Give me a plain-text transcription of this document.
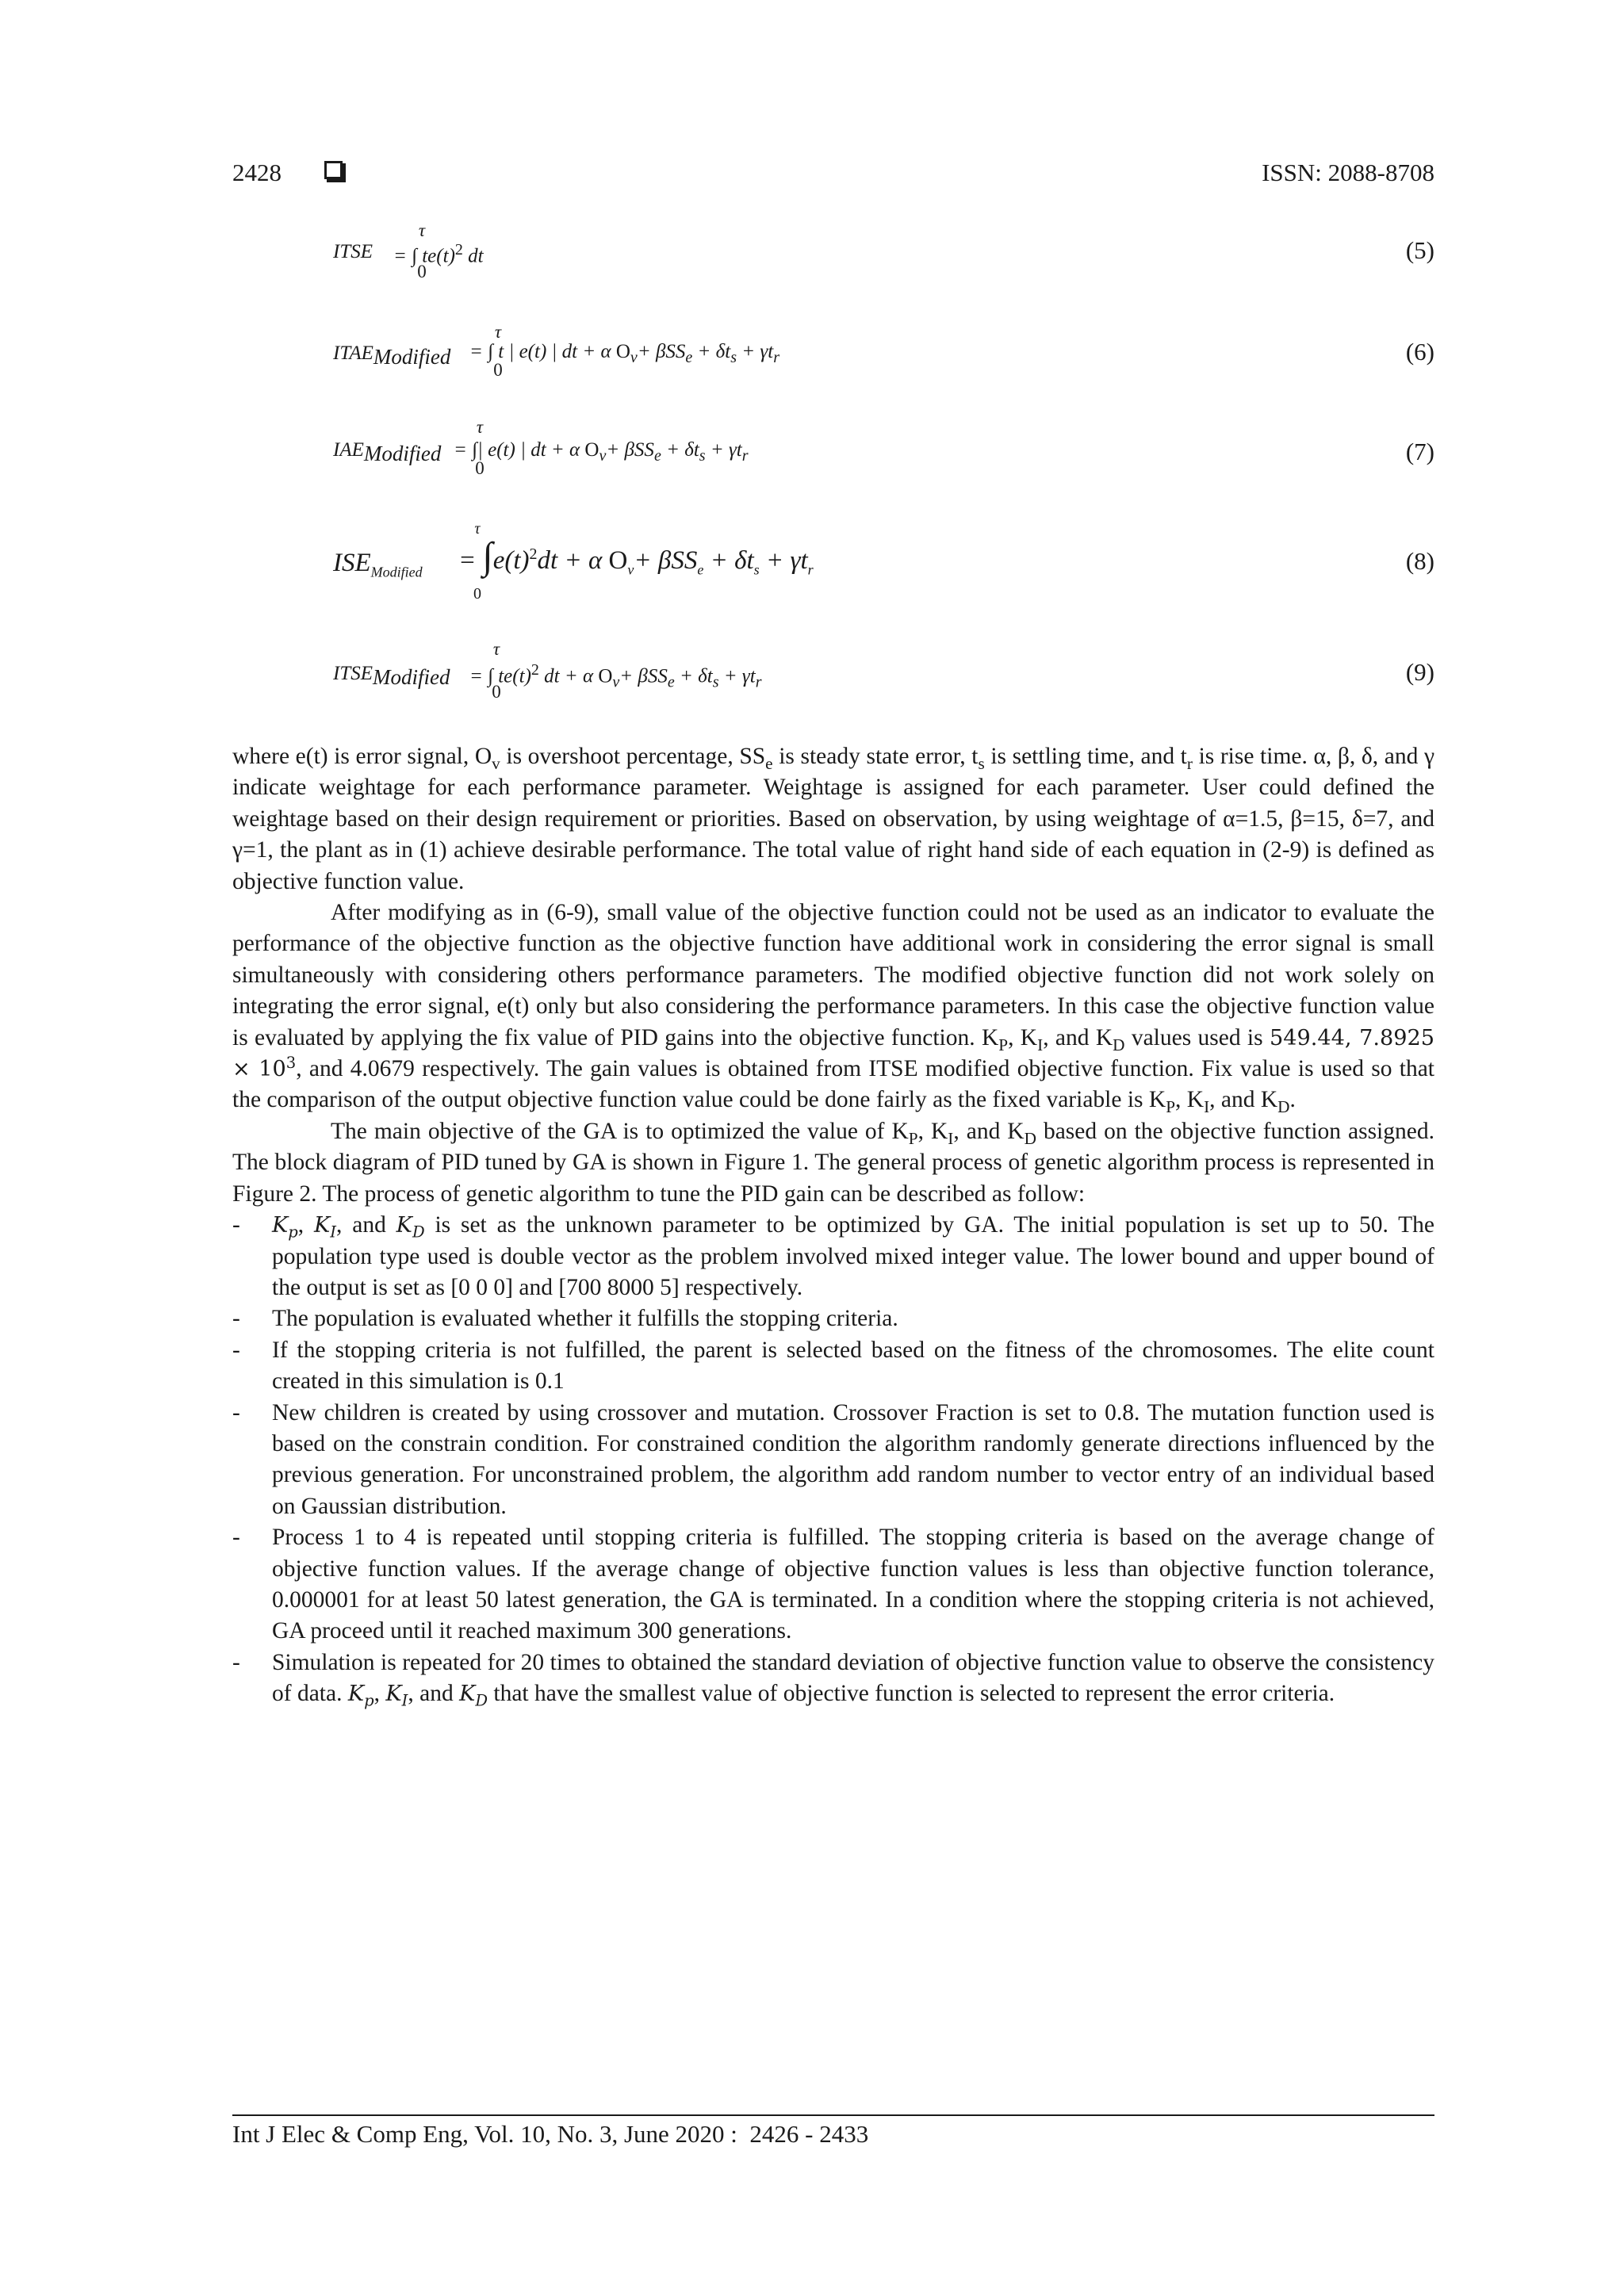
2428	ISSN: 2088-8708
τ
ITSE = ∫ $te(t)^2$ dt
0
(5)
τ
$ITAE_{Modified}$ = ∫ t | e(t) | dt + α $O_v+ \beta SS_e + \delta t_s + \gamma t_r$
0
(6)
τ
$IAE_{Modified}$ = ∫| e(t) | dt + α $O_v+ \beta SS_e + \delta t_s + \gamma t_r$
0
(7)
τ
$ISE_{Modified} = \int e(t)^2dt + \alpha$ $O_v+ \beta SS_e + \delta t_s + \gamma t_r$
0
(8)
τ
$ITSE_{Modified}$ = ∫ $te(t)^2$ dt + α $O_v+ \beta SS_e + \delta t_s + \gamma t_r$
0
(9)

where e(t) is error signal, $O_v$ is overshoot percentage, $SS_e$ is steady state error, $t_s$ is settling time, and $t_r$ is rise time. α, β, δ, and γ indicate weightage for each performance parameter. Weightage is assigned for each parameter. User could defined the weightage based on their design requirement or priorities. Based on observation, by using weightage of α=1.5, β=15, δ=7, and γ=1, the plant as in (1) achieve desirable performance. The total value of right hand side of each equation in (2-9) is defined as objective function value.

After modifying as in (6-9), small value of the objective function could not be used as an indicator to evaluate the performance of the objective function as the objective function have additional work in considering the error signal is small simultaneously with considering others performance parameters. The modified objective function did not work solely on integrating the error signal, e(t) only but also considering the performance parameters. In this case the objective function value is evaluated by applying the fix value of PID gains into the objective function. $K_P$, $K_I$, and $K_D$ values used is 549.44, $7.8925 \times 10^3$, and 4.0679 respectively. The gain values is obtained from ITSE modified objective function. Fix value is used so that the comparison of the output objective function value could be done fairly as the fixed variable is $K_P$, $K_I$, and $K_D$.

The main objective of the GA is to optimized the value of $K_P$, $K_I$, and $K_D$ based on the objective function assigned. The block diagram of PID tuned by GA is shown in Figure 1. The general process of genetic algorithm process is represented in Figure 2. The process of genetic algorithm to tune the PID gain can be described as follow:

- $K_p$, $K_I$, and $K_D$ is set as the unknown parameter to be optimized by GA. The initial population is set up to 50. The population type used is double vector as the problem involved mixed integer value. The lower bound and upper bound of the output is set as [0 0 0] and [700 8000 5] respectively.
- The population is evaluated whether it fulfills the stopping criteria.
- If the stopping criteria is not fulfilled, the parent is selected based on the fitness of the chromosomes. The elite count created in this simulation is 0.1
- New children is created by using crossover and mutation. Crossover Fraction is set to 0.8. The mutation function used is based on the constrain condition. For constrained condition the algorithm randomly generate directions influenced by the previous generation. For unconstrained problem, the algorithm add random number to vector entry of an individual based on Gaussian distribution.
- Process 1 to 4 is repeated until stopping criteria is fulfilled. The stopping criteria is based on the average change of objective function values. If the average change of objective function values is less than objective function tolerance, 0.000001 for at least 50 latest generation, the GA is terminated. In a condition where the stopping criteria is not achieved, GA proceed until it reached maximum 300 generations.
- Simulation is repeated for 20 times to obtained the standard deviation of objective function value to observe the consistency of data. $K_p$, $K_I$, and $K_D$ that have the smallest value of objective function is selected to represent the error criteria.
Int J Elec & Comp Eng, Vol. 10, No. 3, June 2020 :  2426 - 2433
